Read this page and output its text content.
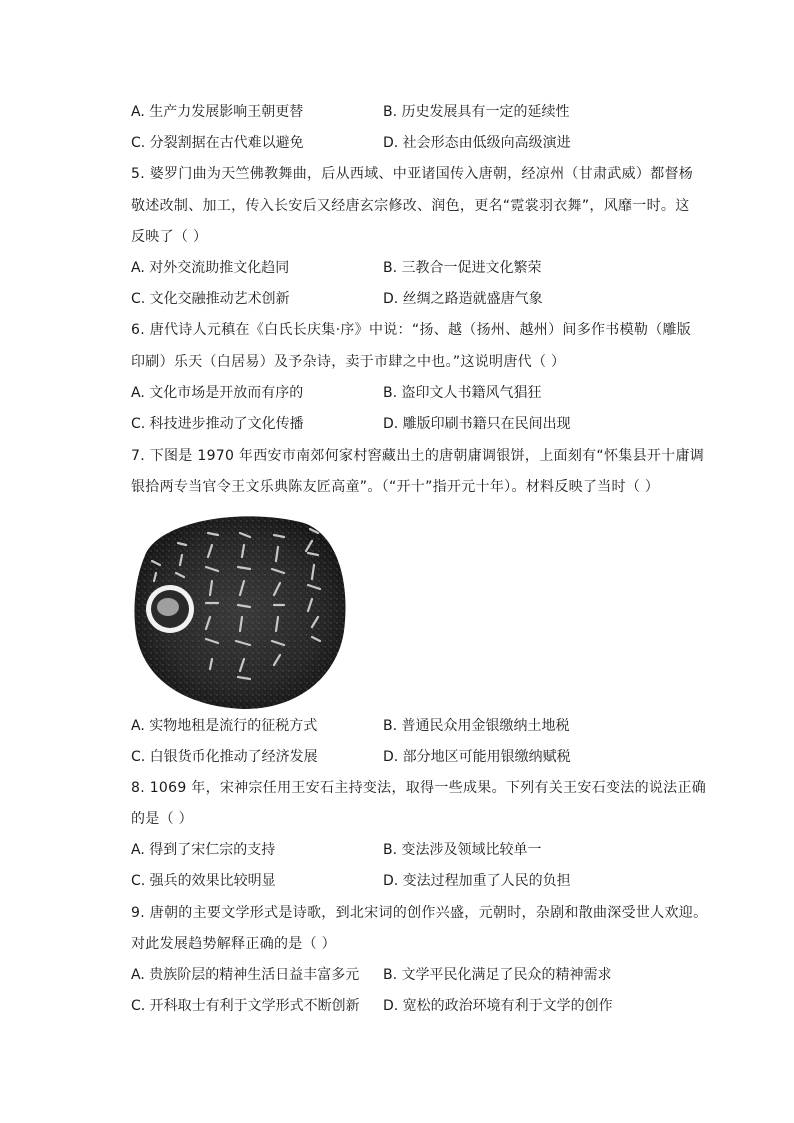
A. 生产力发展影响王朝更替	B. 历史发展具有一定的延续性
C. 分裂割据在古代难以避免	D. 社会形态由低级向高级演进
5. 婆罗门曲为天竺佛教舞曲，后从西域、中亚诸国传入唐朝，经凉州（甘肃武威）都督杨
敬述改制、加工，传入长安后又经唐玄宗修改、润色，更名“霓裳羽衣舞”，风靡一时。这
反映了（ ）
A. 对外交流助推文化趋同	B. 三教合一促进文化繁荣
C. 文化交融推动艺术创新	D. 丝绸之路造就盛唐气象
6. 唐代诗人元稹在《白氏长庆集·序》中说：“扬、越（扬州、越州）间多作书模勒（雕版
印刷）乐天（白居易）及予杂诗，卖于市肆之中也。”这说明唐代（ ）
A. 文化市场是开放而有序的	B. 盗印文人书籍风气猖狂
C. 科技进步推动了文化传播	D. 雕版印刷书籍只在民间出现
7. 下图是 1970 年西安市南郊何家村窖藏出土的唐朝庸调银饼，上面刻有“怀集县开十庸调
银拾两专当官令王文乐典陈友匠高童”。（“开十”指开元十年）。材料反映了当时（ ）
A. 实物地租是流行的征税方式	B. 普通民众用金银缴纳土地税
C. 白银货币化推动了经济发展	D. 部分地区可能用银缴纳赋税
8. 1069 年，宋神宗任用王安石主持变法，取得一些成果。下列有关王安石变法的说法正确
的是（ ）
A. 得到了宋仁宗的支持	B. 变法涉及领域比较单一
C. 强兵的效果比较明显	D. 变法过程加重了人民的负担
9. 唐朝的主要文学形式是诗歌，到北宋词的创作兴盛，元朝时，杂剧和散曲深受世人欢迎。
对此发展趋势解释正确的是（ ）
A. 贵族阶层的精神生活日益丰富多元 B. 文学平民化满足了民众的精神需求
C. 开科取士有利于文学形式不断创新 D. 宽松的政治环境有利于文学的创作
